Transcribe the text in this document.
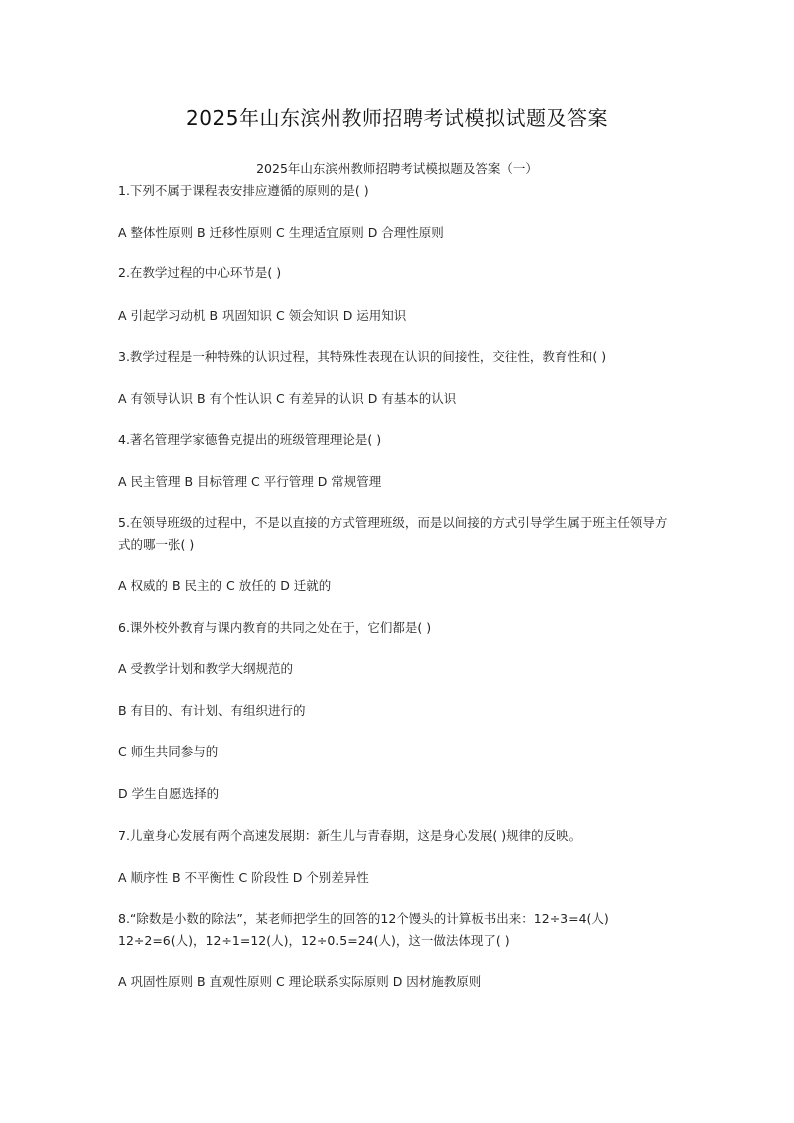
2025年山东滨州教师招聘考试模拟试题及答案
2025年山东滨州教师招聘考试模拟题及答案（一）
1.下列不属于课程表安排应遵循的原则的是( )
A 整体性原则 B 迁移性原则 C 生理适宜原则 D 合理性原则
2.在教学过程的中心环节是( )
A 引起学习动机 B 巩固知识 C 领会知识 D 运用知识
3.教学过程是一种特殊的认识过程，其特殊性表现在认识的间接性，交往性，教育性和( )
A 有领导认识 B 有个性认识 C 有差异的认识 D 有基本的认识
4.著名管理学家德鲁克提出的班级管理理论是( )
A 民主管理 B 目标管理 C 平行管理 D 常规管理
5.在领导班级的过程中，不是以直接的方式管理班级，而是以间接的方式引导学生属于班主任领导方式的哪一张( )
A 权威的 B 民主的 C 放任的 D 迁就的
6.课外校外教育与课内教育的共同之处在于，它们都是( )
A 受教学计划和教学大纲规范的
B 有目的、有计划、有组织进行的
C 师生共同参与的
D 学生自愿选择的
7.儿童身心发展有两个高速发展期：新生儿与青春期，这是身心发展( )规律的反映。
A 顺序性 B 不平衡性 C 阶段性 D 个别差异性
8.“除数是小数的除法”，某老师把学生的回答的12个馒头的计算板书出来：12÷3=4(人) 12÷2=6(人)，12÷1=12(人)，12÷0.5=24(人)，这一做法体现了( )
A 巩固性原则 B 直观性原则 C 理论联系实际原则 D 因材施教原则
